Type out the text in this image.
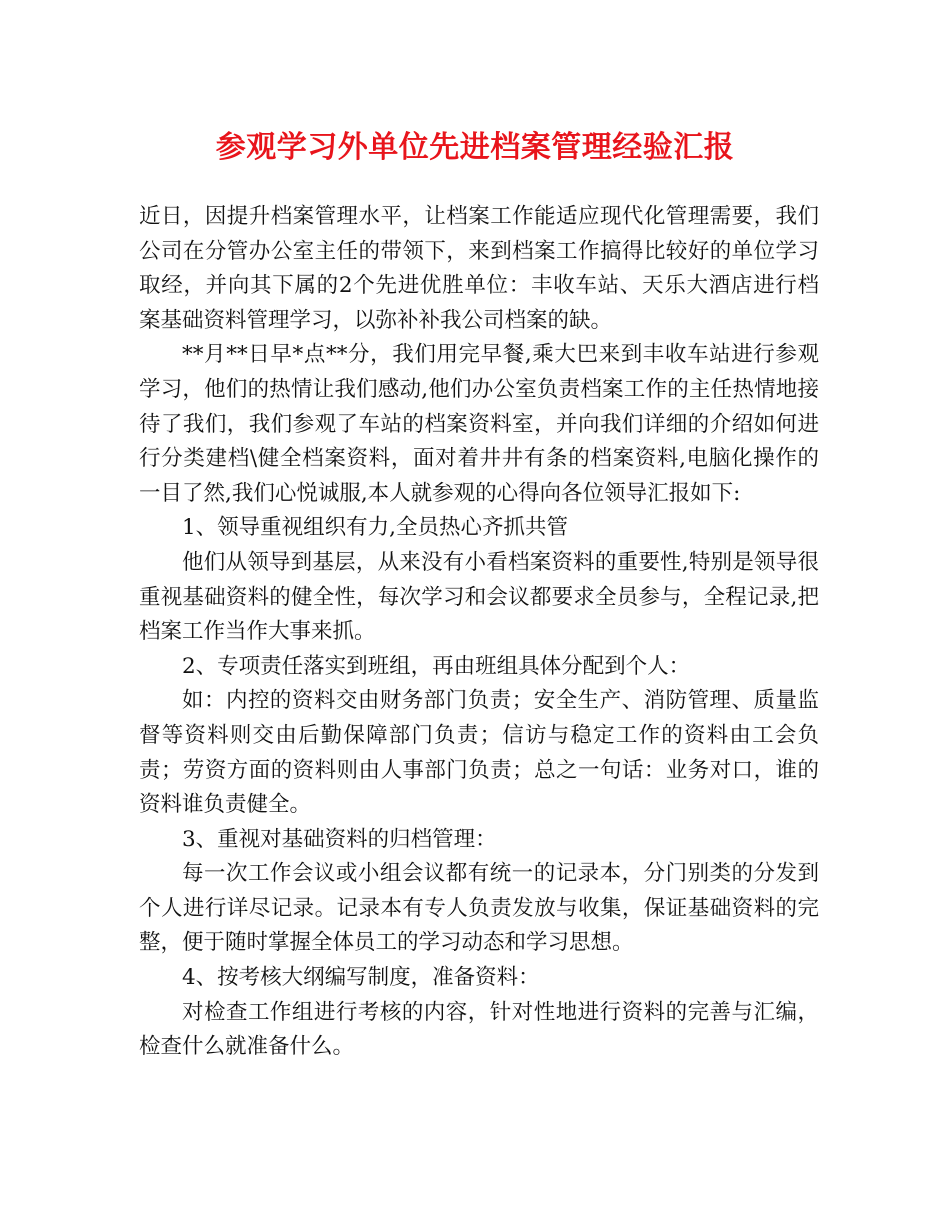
参观学习外单位先进档案管理经验汇报

近日，因提升档案管理水平，让档案工作能适应现代化管理需要，我们公司在分管办公室主任的带领下，来到档案工作搞得比较好的单位学习取经，并向其下属的2个先进优胜单位：丰收车站、天乐大酒店进行档案基础资料管理学习，以弥补补我公司档案的缺。

**月**日早*点**分，我们用完早餐,乘大巴来到丰收车站进行参观学习，他们的热情让我们感动,他们办公室负责档案工作的主任热情地接待了我们，我们参观了车站的档案资料室，并向我们详细的介绍如何进行分类建档\健全档案资料，面对着井井有条的档案资料,电脑化操作的一目了然,我们心悦诚服,本人就参观的心得向各位领导汇报如下:

1、领导重视组织有力,全员热心齐抓共管

他们从领导到基层，从来没有小看档案资料的重要性,特别是领导很重视基础资料的健全性，每次学习和会议都要求全员参与，全程记录,把档案工作当作大事来抓。

2、专项责任落实到班组，再由班组具体分配到个人：

如：内控的资料交由财务部门负责；安全生产、消防管理、质量监督等资料则交由后勤保障部门负责；信访与稳定工作的资料由工会负责；劳资方面的资料则由人事部门负责；总之一句话：业务对口，谁的资料谁负责健全。

3、重视对基础资料的归档管理：

每一次工作会议或小组会议都有统一的记录本，分门别类的分发到个人进行详尽记录。记录本有专人负责发放与收集，保证基础资料的完整，便于随时掌握全体员工的学习动态和学习思想。

4、按考核大纲编写制度，准备资料：

对检查工作组进行考核的内容，针对性地进行资料的完善与汇编，检查什么就准备什么。
